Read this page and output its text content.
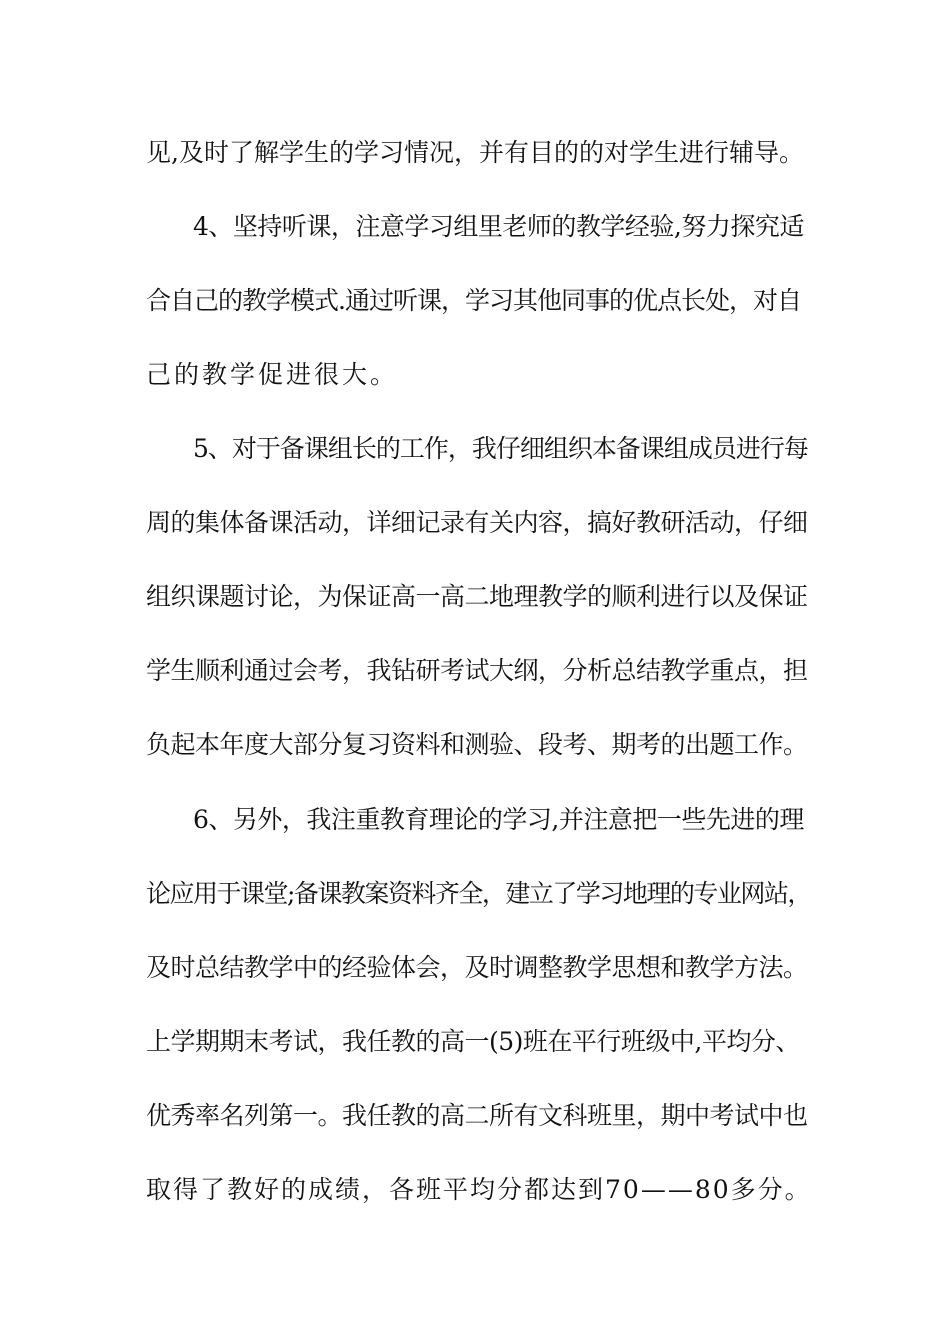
见,及时了解学生的学习情况，并有目的的对学生进行辅导。
4、坚持听课，注意学习组里老师的教学经验,努力探究适
合自己的教学模式.通过听课，学习其他同事的优点长处，对自
己的教学促进很大。
5、对于备课组长的工作，我仔细组织本备课组成员进行每
周的集体备课活动，详细记录有关内容，搞好教研活动，仔细
组织课题讨论，为保证高一高二地理教学的顺利进行以及保证
学生顺利通过会考，我钻研考试大纲，分析总结教学重点，担
负起本年度大部分复习资料和测验、段考、期考的出题工作。
6、另外，我注重教育理论的学习,并注意把一些先进的理
论应用于课堂;备课教案资料齐全，建立了学习地理的专业网站，
及时总结教学中的经验体会，及时调整教学思想和教学方法。
上学期期末考试，我任教的高一(5)班在平行班级中,平均分、
优秀率名列第一。我任教的高二所有文科班里，期中考试中也
取得了教好的成绩，各班平均分都达到70——80多分。
